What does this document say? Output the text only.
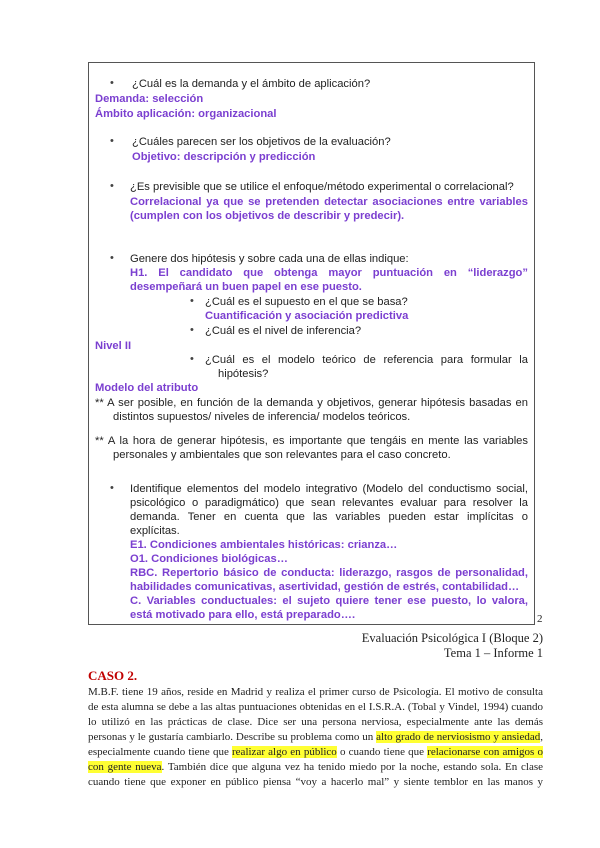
• ¿Cuál es la demanda y el ámbito de aplicación?
Demanda: selección
Ámbito aplicación: organizacional
• ¿Cuáles parecen ser los objetivos de la evaluación?
Objetivo: descripción y predicción
• ¿Es previsible que se utilice el enfoque/método experimental o correlacional?
Correlacional ya que se pretenden detectar asociaciones entre variables
(cumplen con los objetivos de describir y predecir).
• Genere dos hipótesis y sobre cada una de ellas indique:
H1. El candidato que obtenga mayor puntuación en “liderazgo”
desempeñará un buen papel en ese puesto.
• ¿Cuál es el supuesto en el que se basa?
Cuantificación y asociación predictiva
• ¿Cuál es el nivel de inferencia?
Nivel II
• ¿Cuál es el modelo teórico de referencia para formular la
hipótesis?
Modelo del atributo
** A ser posible, en función de la demanda y objetivos, generar hipótesis basadas en
distintos supuestos/ niveles de inferencia/ modelos teóricos.
** A la hora de generar hipótesis, es importante que tengáis en mente las variables
personales y ambientales que son relevantes para el caso concreto.
• Identifique elementos del modelo integrativo (Modelo del conductismo social,
psicológico o paradigmático) que sean relevantes evaluar para resolver la
demanda. Tener en cuenta que las variables pueden estar implícitas o
explícitas.
E1. Condiciones ambientales históricas: crianza…
O1. Condiciones biológicas…
RBC. Repertorio básico de conducta: liderazgo, rasgos de personalidad,
habilidades comunicativas, asertividad, gestión de estrés, contabilidad…
C. Variables conductuales: el sujeto quiere tener ese puesto, lo valora,
está motivado para ello, está preparado….	2
Evaluación Psicológica I (Bloque 2)
Tema 1 – Informe 1
CASO 2.
M.B.F. tiene 19 años, reside en Madrid y realiza el primer curso de Psicología. El motivo de consulta
de esta alumna se debe a las altas puntuaciones obtenidas en el I.S.R.A. (Tobal y Vindel, 1994) cuando
lo utilizó en las prácticas de clase. Dice ser una persona nerviosa, especialmente ante las demás
personas y le gustaría cambiarlo. Describe su problema como un alto grado de nerviosismo y ansiedad,
especialmente cuando tiene que realizar algo en público o cuando tiene que relacionarse con amigos o
con gente nueva. También dice que alguna vez ha tenido miedo por la noche, estando sola. En clase
cuando tiene que exponer en público piensa “voy a hacerlo mal” y siente temblor en las manos y
